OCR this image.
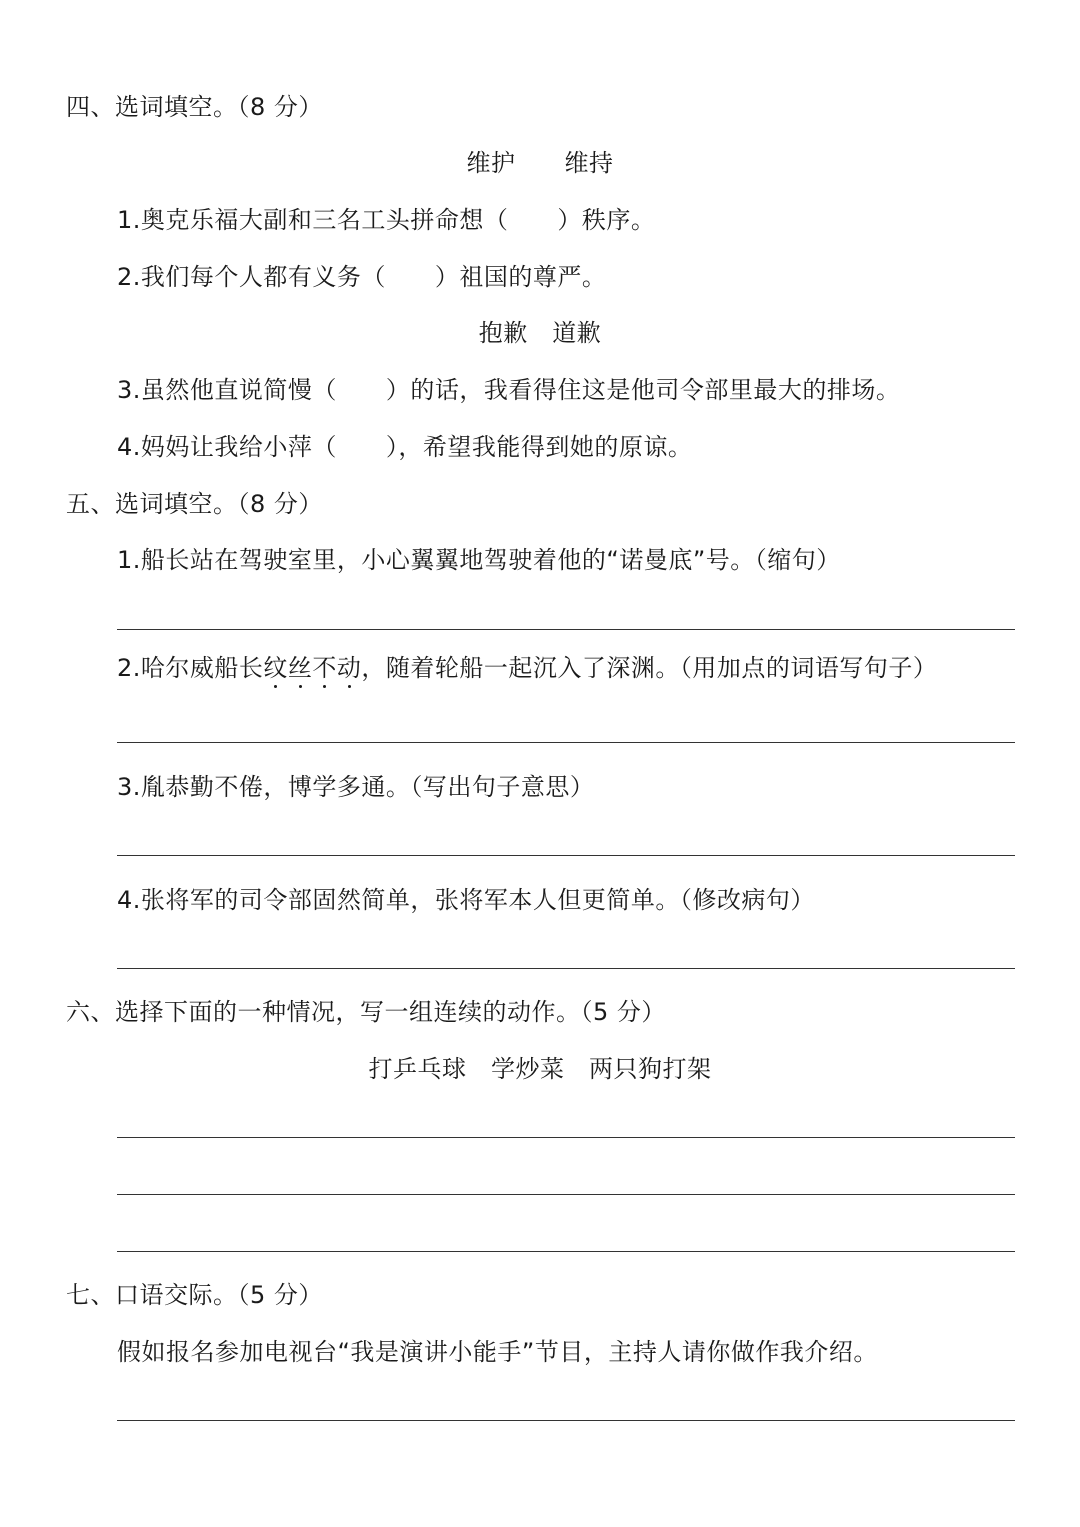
四、选词填空。（8 分）
维护　　维持
1.奥克乐福大副和三名工头拼命想（　　）秩序。
2.我们每个人都有义务（　　）祖国的尊严。
抱歉　道歉
3.虽然他直说简慢（　　）的话，我看得住这是他司令部里最大的排场。
4.妈妈让我给小萍（　　），希望我能得到她的原谅。
五、选词填空。（8 分）
1.船长站在驾驶室里，小心翼翼地驾驶着他的“诺曼底”号。（缩句）
2.哈尔威船长纹丝不动，随着轮船一起沉入了深渊。（用加点的词语写句子）
3.胤恭勤不倦，博学多通。（写出句子意思）
4.张将军的司令部固然简单，张将军本人但更简单。（修改病句）
六、选择下面的一种情况，写一组连续的动作。（5 分）
打乒乓球　学炒菜　两只狗打架
七、口语交际。（5 分）
假如报名参加电视台“我是演讲小能手”节目，主持人请你做作我介绍。
